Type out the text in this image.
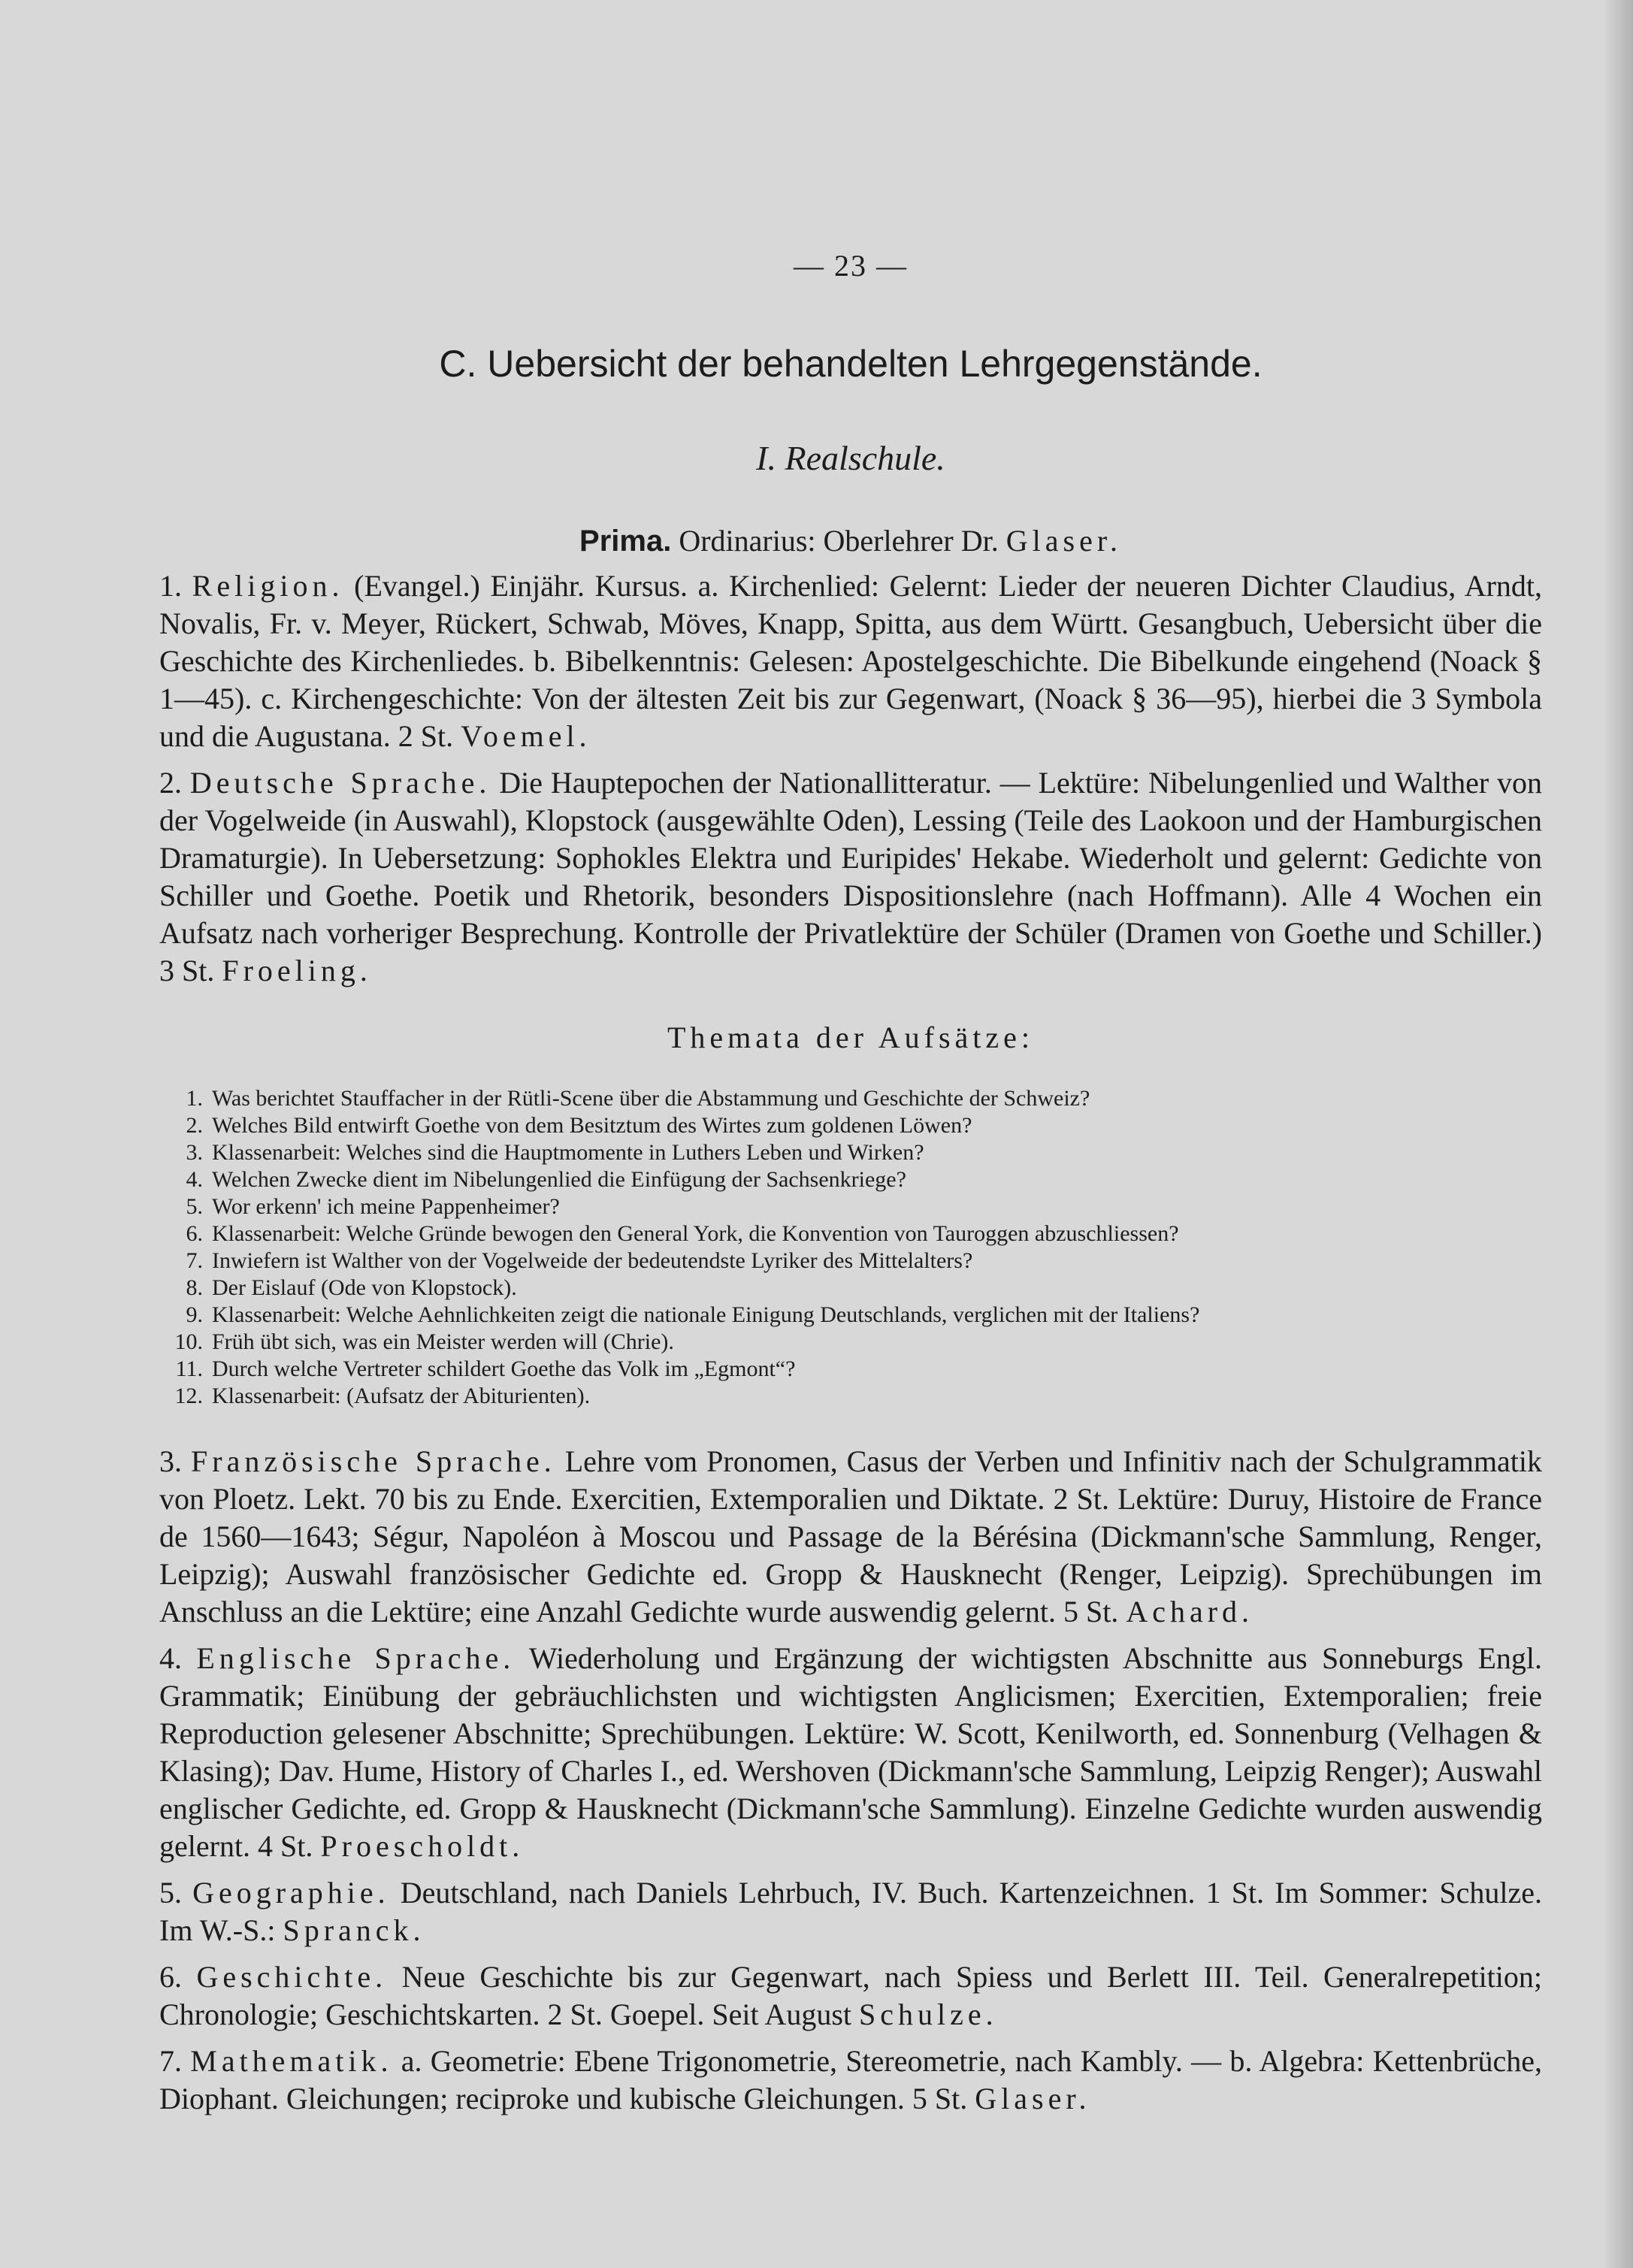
— 23 —
C. Uebersicht der behandelten Lehrgegenstände.
I. Realschule.
Prima. Ordinarius: Oberlehrer Dr. Glaser.

1. Religion. (Evangel.) Einjähr. Kursus. a. Kirchenlied: Gelernt: Lieder der neueren Dichter Claudius, Arndt, Novalis, Fr. v. Meyer, Rückert, Schwab, Möves, Knapp, Spitta, aus dem Württ. Gesangbuch, Uebersicht über die Geschichte des Kirchenliedes. b. Bibelkenntnis: Gelesen: Apostelgeschichte. Die Bibelkunde eingehend (Noack § 1—45). c. Kirchengeschichte: Von der ältesten Zeit bis zur Gegenwart, (Noack § 36—95), hierbei die 3 Symbola und die Augustana. 2 St. Voemel.

2. Deutsche Sprache. Die Hauptepochen der Nationallitteratur. — Lektüre: Nibelungenlied und Walther von der Vogelweide (in Auswahl), Klopstock (ausgewählte Oden), Lessing (Teile des Laokoon und der Hamburgischen Dramaturgie). In Uebersetzung: Sophokles Elektra und Euripides' Hekabe. Wiederholt und gelernt: Gedichte von Schiller und Goethe. Poetik und Rhetorik, besonders Dispositionslehre (nach Hoffmann). Alle 4 Wochen ein Aufsatz nach vorheriger Besprechung. Kontrolle der Privatlektüre der Schüler (Dramen von Goethe und Schiller.) 3 St. Froeling.

Themata der Aufsätze:
1. Was berichtet Stauffacher in der Rütli-Scene über die Abstammung und Geschichte der Schweiz?
2. Welches Bild entwirft Goethe von dem Besitztum des Wirtes zum goldenen Löwen?
3. Klassenarbeit: Welches sind die Hauptmomente in Luthers Leben und Wirken?
4. Welchen Zwecke dient im Nibelungenlied die Einfügung der Sachsenkriege?
5. Wor erkenn' ich meine Pappenheimer?
6. Klassenarbeit: Welche Gründe bewogen den General York, die Konvention von Tauroggen abzuschliessen?
7. Inwiefern ist Walther von der Vogelweide der bedeutendste Lyriker des Mittelalters?
8. Der Eislauf (Ode von Klopstock).
9. Klassenarbeit: Welche Aehnlichkeiten zeigt die nationale Einigung Deutschlands, verglichen mit der Italiens?
10. Früh übt sich, was ein Meister werden will (Chrie).
11. Durch welche Vertreter schildert Goethe das Volk im „Egmont“?
12. Klassenarbeit: (Aufsatz der Abiturienten).

3. Französische Sprache. Lehre vom Pronomen, Casus der Verben und Infinitiv nach der Schulgrammatik von Ploetz. Lekt. 70 bis zu Ende. Exercitien, Extemporalien und Diktate. 2 St. Lektüre: Duruy, Histoire de France de 1560—1643; Ségur, Napoléon à Moscou und Passage de la Bérésina (Dickmann'sche Sammlung, Renger, Leipzig); Auswahl französischer Gedichte ed. Gropp & Hausknecht (Renger, Leipzig). Sprechübungen im Anschluss an die Lektüre; eine Anzahl Gedichte wurde auswendig gelernt. 5 St. Achard.

4. Englische Sprache. Wiederholung und Ergänzung der wichtigsten Abschnitte aus Sonneburgs Engl. Grammatik; Einübung der gebräuchlichsten und wichtigsten Anglicismen; Exercitien, Extemporalien; freie Reproduction gelesener Abschnitte; Sprechübungen. Lektüre: W. Scott, Kenilworth, ed. Sonnenburg (Velhagen & Klasing); Dav. Hume, History of Charles I., ed. Wershoven (Dickmann'sche Sammlung, Leipzig Renger); Auswahl englischer Gedichte, ed. Gropp & Hausknecht (Dickmann'sche Sammlung). Einzelne Gedichte wurden auswendig gelernt. 4 St. Proescholdt.

5. Geographie. Deutschland, nach Daniels Lehrbuch, IV. Buch. Kartenzeichnen. 1 St. Im Sommer: Schulze. Im W.-S.: Spranck.

6. Geschichte. Neue Geschichte bis zur Gegenwart, nach Spiess und Berlett III. Teil. Generalrepetition; Chronologie; Geschichtskarten. 2 St. Goepel. Seit August Schulze.

7. Mathematik. a. Geometrie: Ebene Trigonometrie, Stereometrie, nach Kambly. — b. Algebra: Kettenbrüche, Diophant. Gleichungen; reciproke und kubische Gleichungen. 5 St. Glaser.
